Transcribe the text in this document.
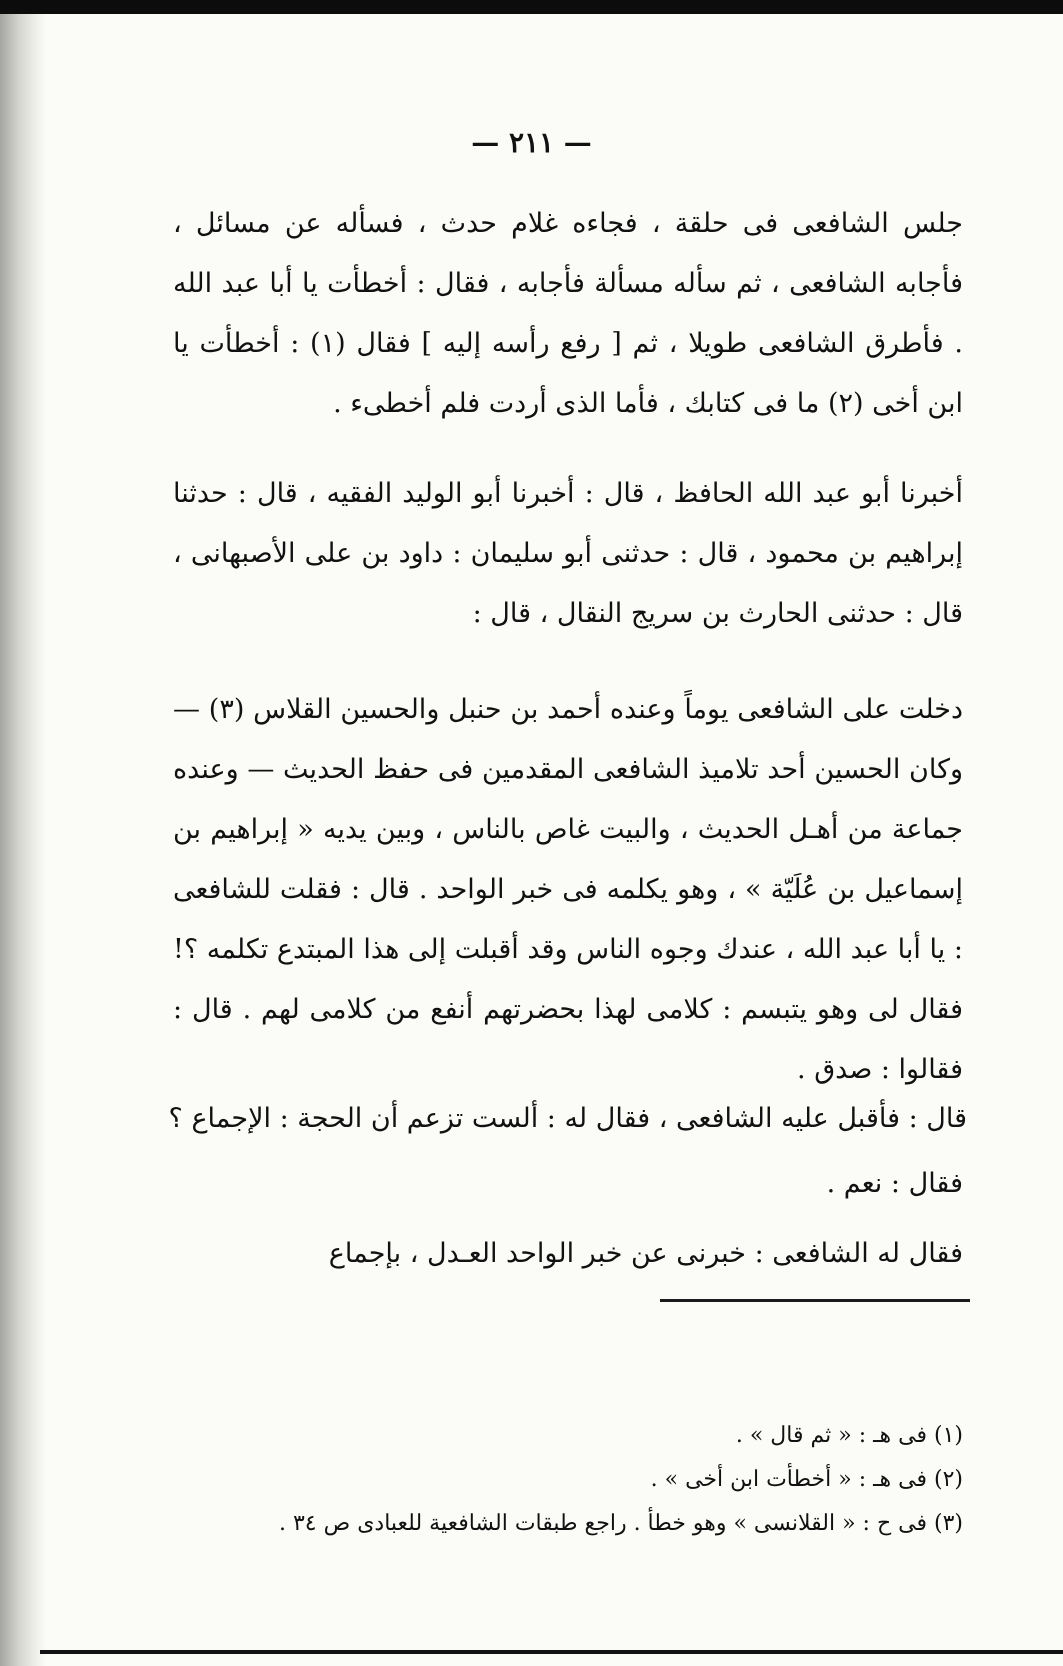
— ٢١١ —

جلس الشافعى فى حلقة ، فجاءه غلام حدث ، فسأله عن مسائل ، فأجابه الشافعى ، ثم سأله مسألة فأجابه ، فقال : أخطأت يا أبا عبد الله . فأطرق الشافعى طويلا ، ثم [ رفع رأسه إليه ] فقال (١) : أخطأت يا ابن أخى (٢) ما فى كتابك ، فأما الذى أردت فلم أخطىء .

أخبرنا أبو عبد الله الحافظ ، قال : أخبرنا أبو الوليد الفقيه ، قال : حدثنا إبراهيم بن محمود ، قال : حدثنى أبو سليمان : داود بن على الأصبهانى ، قال : حدثنى الحارث بن سريج النقال ، قال :

دخلت على الشافعى يوماً وعنده أحمد بن حنبل والحسين القلاس (٣) — وكان الحسين أحد تلاميذ الشافعى المقدمين فى حفظ الحديث — وعنده جماعة من أهـل الحديث ، والبيت غاص بالناس ، وبين يديه « إبراهيم بن إسماعيل بن عُلَيّة » ، وهو يكلمه فى خبر الواحد . قال : فقلت للشافعى : يا أبا عبد الله ، عندك وجوه الناس وقد أقبلت إلى هذا المبتدع تكلمه ؟! فقال لى وهو يتبسم : كلامى لهذا بحضرتهم أنفع من كلامى لهم . قال : فقالوا : صدق .

قال : فأقبل عليه الشافعى ، فقال له : ألست تزعم أن الحجة : الإجماع ؟

فقال : نعم .

فقال له الشافعى : خبرنى عن خبر الواحد العـدل ، بإجماع

(١) فى هـ : « ثم قال » .

(٢) فى هـ : « أخطأت ابن أخى » .

(٣) فى ح : « القلانسى » وهو خطأ . راجع طبقات الشافعية للعبادى ص ٣٤ .
